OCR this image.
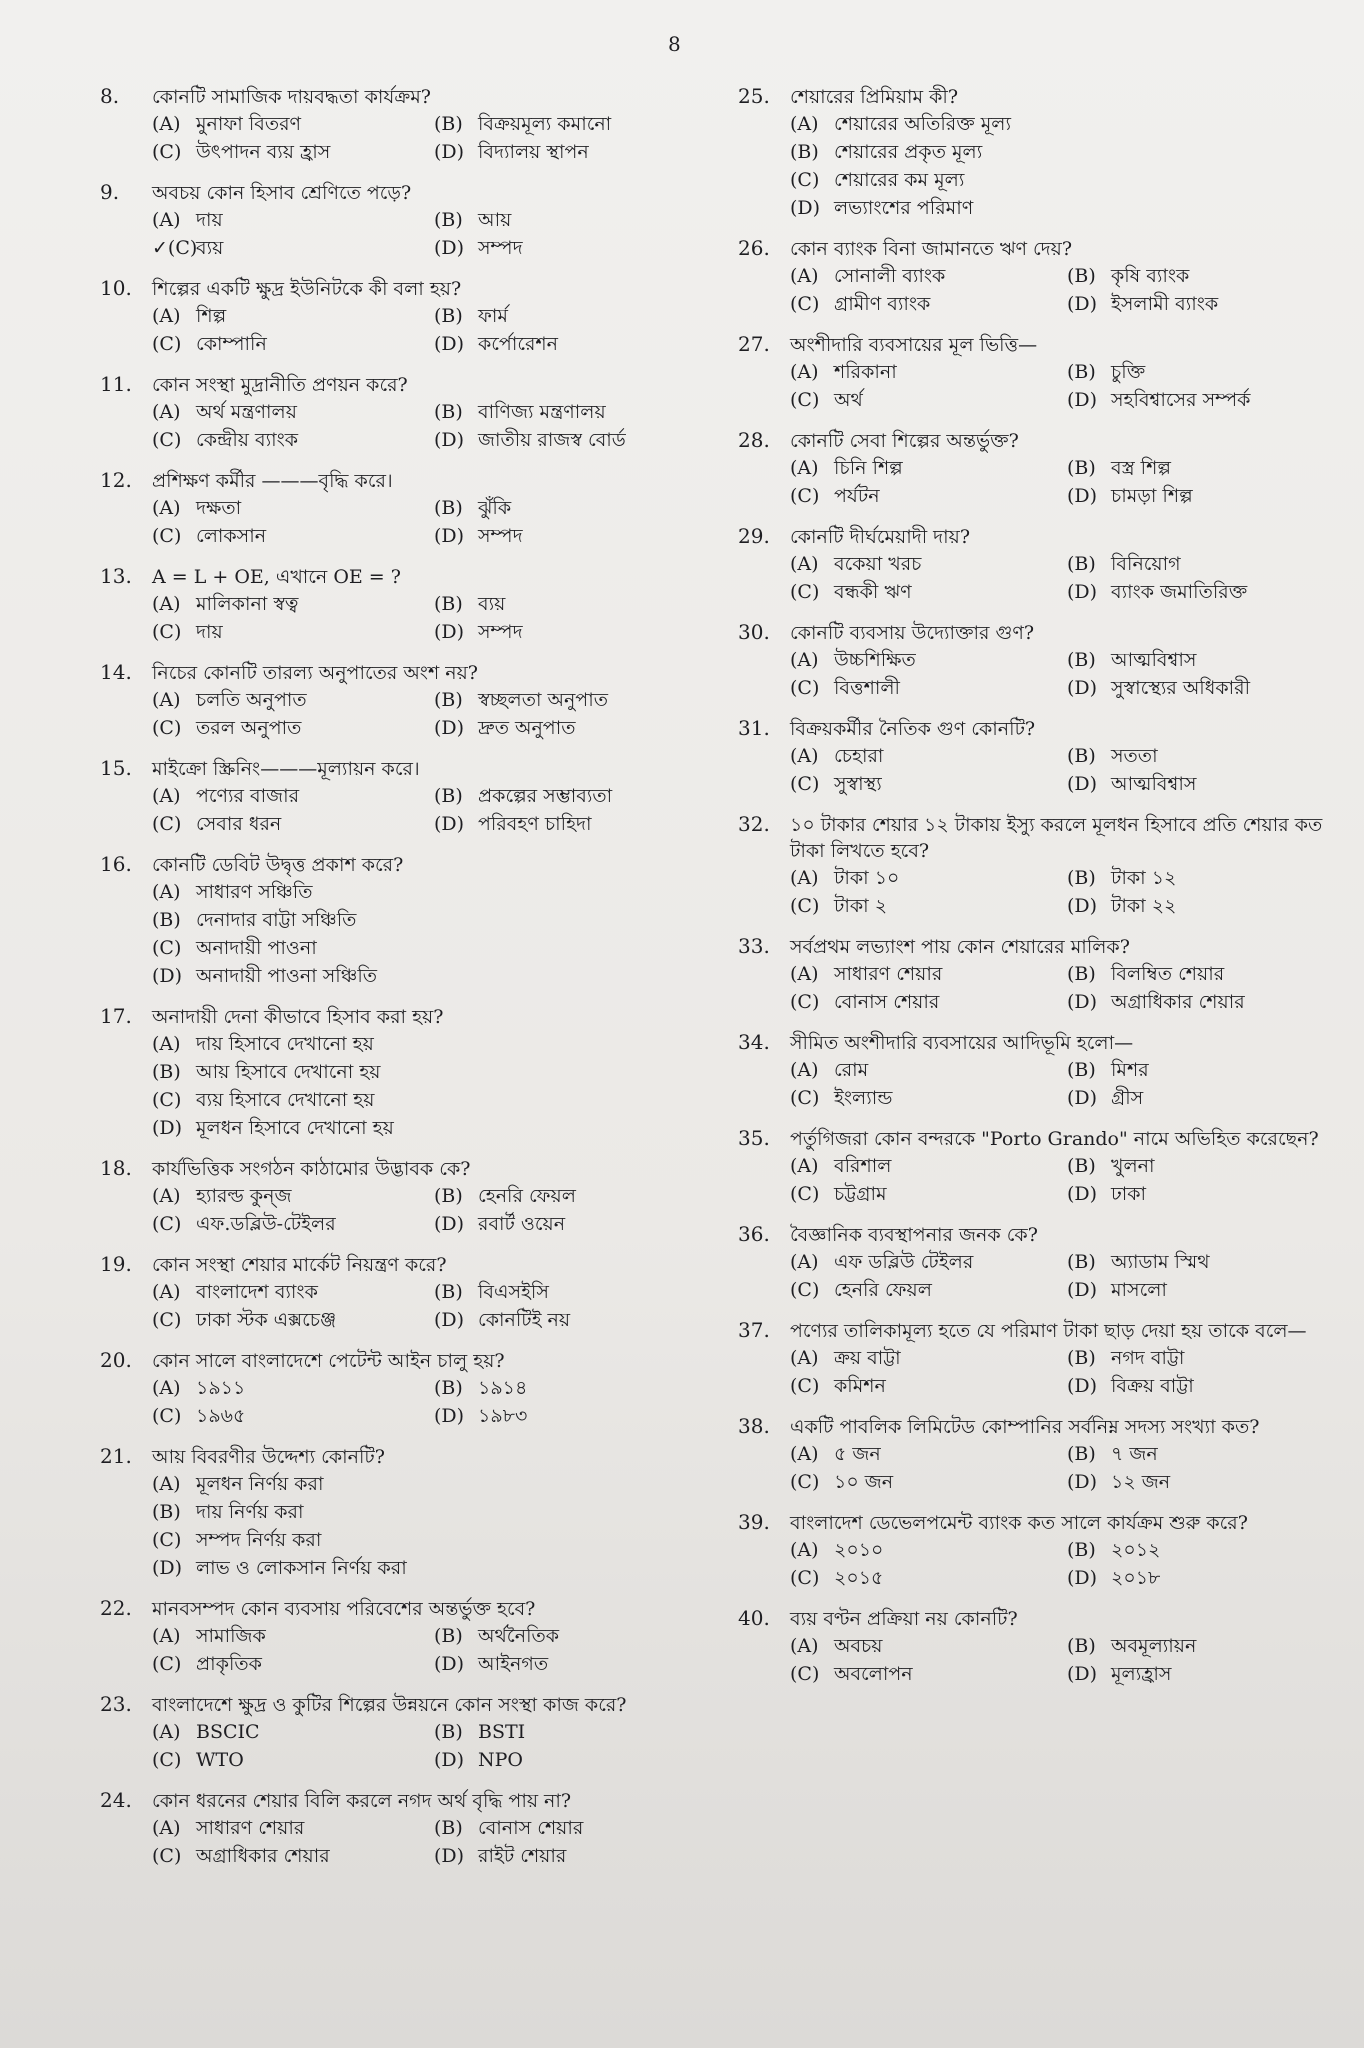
8
8. কোনটি সামাজিক দায়বদ্ধতা কার্যক্রম?
(A) মুনাফা বিতরণ	(B) বিক্রয়মূল্য কমানো
(C) উৎপাদন ব্যয় হ্রাস	(D) বিদ্যালয় স্থাপন
9. অবচয় কোন হিসাব শ্রেণিতে পড়ে?
(A) দায়	(B) আয়
✓(C)ব্যয়	(D) সম্পদ
10. শিল্পের একটি ক্ষুদ্র ইউনিটকে কী বলা হয়?
(A) শিল্প	(B) ফার্ম
(C) কোম্পানি	(D) কর্পোরেশন
11. কোন সংস্থা মুদ্রানীতি প্রণয়ন করে?
(A) অর্থ মন্ত্রণালয়	(B) বাণিজ্য মন্ত্রণালয়
(C) কেন্দ্রীয় ব্যাংক	(D) জাতীয় রাজস্ব বোর্ড
12. প্রশিক্ষণ কর্মীর ———বৃদ্ধি করে।
(A) দক্ষতা	(B) ঝুঁকি
(C) লোকসান	(D) সম্পদ
13. A = L + OE, এখানে OE = ?
(A) মালিকানা স্বত্ব	(B) ব্যয়
(C) দায়	(D) সম্পদ
14. নিচের কোনটি তারল্য অনুপাতের অংশ নয়?
(A) চলতি অনুপাত	(B) স্বচ্ছলতা অনুপাত
(C) তরল অনুপাত	(D) দ্রুত অনুপাত
15. মাইক্রো স্ক্রিনিং———মূল্যায়ন করে।
(A) পণ্যের বাজার	(B) প্রকল্পের সম্ভাব্যতা
(C) সেবার ধরন	(D) পরিবহণ চাহিদা
16. কোনটি ডেবিট উদ্বৃত্ত প্রকাশ করে?
(A) সাধারণ সঞ্চিতি
(B) দেনাদার বাট্টা সঞ্চিতি
(C) অনাদায়ী পাওনা
(D) অনাদায়ী পাওনা সঞ্চিতি
17. অনাদায়ী দেনা কীভাবে হিসাব করা হয়?
(A) দায় হিসাবে দেখানো হয়
(B) আয় হিসাবে দেখানো হয়
(C) ব্যয় হিসাবে দেখানো হয়
(D) মূলধন হিসাবে দেখানো হয়
18. কার্যভিত্তিক সংগঠন কাঠামোর উদ্ভাবক কে?
(A) হ্যারল্ড কুন্জ	(B) হেনরি ফেয়ল
(C) এফ.ডব্লিউ-টেইলর	(D) রবার্ট ওয়েন
19. কোন সংস্থা শেয়ার মার্কেট নিয়ন্ত্রণ করে?
(A) বাংলাদেশ ব্যাংক	(B) বিএসইসি
(C) ঢাকা স্টক এক্সচেঞ্জ	(D) কোনটিই নয়
20. কোন সালে বাংলাদেশে পেটেন্ট আইন চালু হয়?
(A) ১৯১১	(B) ১৯১৪
(C) ১৯৬৫	(D) ১৯৮৩
21. আয় বিবরণীর উদ্দেশ্য কোনটি?
(A) মূলধন নির্ণয় করা
(B) দায় নির্ণয় করা
(C) সম্পদ নির্ণয় করা
(D) লাভ ও লোকসান নির্ণয় করা
22. মানবসম্পদ কোন ব্যবসায় পরিবেশের অন্তর্ভুক্ত হবে?
(A) সামাজিক	(B) অর্থনৈতিক
(C) প্রাকৃতিক	(D) আইনগত
23. বাংলাদেশে ক্ষুদ্র ও কুটির শিল্পের উন্নয়নে কোন সংস্থা কাজ করে?
(A) BSCIC	(B) BSTI
(C) WTO	(D) NPO
24. কোন ধরনের শেয়ার বিলি করলে নগদ অর্থ বৃদ্ধি পায় না?
(A) সাধারণ শেয়ার	(B) বোনাস শেয়ার
(C) অগ্রাধিকার শেয়ার	(D) রাইট শেয়ার
25. শেয়ারের প্রিমিয়াম কী?
(A) শেয়ারের অতিরিক্ত মূল্য
(B) শেয়ারের প্রকৃত মূল্য
(C) শেয়ারের কম মূল্য
(D) লভ্যাংশের পরিমাণ
26. কোন ব্যাংক বিনা জামানতে ঋণ দেয়?
(A) সোনালী ব্যাংক	(B) কৃষি ব্যাংক
(C) গ্রামীণ ব্যাংক	(D) ইসলামী ব্যাংক
27. অংশীদারি ব্যবসায়ের মূল ভিত্তি—
(A) শরিকানা	(B) চুক্তি
(C) অর্থ	(D) সহবিশ্বাসের সম্পর্ক
28. কোনটি সেবা শিল্পের অন্তর্ভুক্ত?
(A) চিনি শিল্প	(B) বস্ত্র শিল্প
(C) পর্যটন	(D) চামড়া শিল্প
29. কোনটি দীর্ঘমেয়াদী দায়?
(A) বকেয়া খরচ	(B) বিনিয়োগ
(C) বন্ধকী ঋণ	(D) ব্যাংক জমাতিরিক্ত
30. কোনটি ব্যবসায় উদ্যোক্তার গুণ?
(A) উচ্চশিক্ষিত	(B) আত্মবিশ্বাস
(C) বিত্তশালী	(D) সুস্বাস্থ্যের অধিকারী
31. বিক্রয়কর্মীর নৈতিক গুণ কোনটি?
(A) চেহারা	(B) সততা
(C) সুস্বাস্থ্য	(D) আত্মবিশ্বাস
32. ১০ টাকার শেয়ার ১২ টাকায় ইস্যু করলে মূলধন হিসাবে প্রতি শেয়ার কত টাকা লিখতে হবে?
(A) টাকা ১০	(B) টাকা ১২
(C) টাকা ২	(D) টাকা ২২
33. সর্বপ্রথম লভ্যাংশ পায় কোন শেয়ারের মালিক?
(A) সাধারণ শেয়ার	(B) বিলম্বিত শেয়ার
(C) বোনাস শেয়ার	(D) অগ্রাধিকার শেয়ার
34. সীমিত অংশীদারি ব্যবসায়ের আদিভূমি হলো—
(A) রোম	(B) মিশর
(C) ইংল্যান্ড	(D) গ্রীস
35. পর্তুগিজরা কোন বন্দরকে "Porto Grando" নামে অভিহিত করেছেন?
(A) বরিশাল	(B) খুলনা
(C) চট্টগ্রাম	(D) ঢাকা
36. বৈজ্ঞানিক ব্যবস্থাপনার জনক কে?
(A) এফ ডব্লিউ টেইলর	(B) অ্যাডাম স্মিথ
(C) হেনরি ফেয়ল	(D) মাসলো
37. পণ্যের তালিকামূল্য হতে যে পরিমাণ টাকা ছাড় দেয়া হয় তাকে বলে—
(A) ক্রয় বাট্টা	(B) নগদ বাট্টা
(C) কমিশন	(D) বিক্রয় বাট্টা
38. একটি পাবলিক লিমিটেড কোম্পানির সর্বনিম্ন সদস্য সংখ্যা কত?
(A) ৫ জন	(B) ৭ জন
(C) ১০ জন	(D) ১২ জন
39. বাংলাদেশ ডেভেলপমেন্ট ব্যাংক কত সালে কার্যক্রম শুরু করে?
(A) ২০১০	(B) ২০১২
(C) ২০১৫	(D) ২০১৮
40. ব্যয় বণ্টন প্রক্রিয়া নয় কোনটি?
(A) অবচয়	(B) অবমূল্যায়ন
(C) অবলোপন	(D) মূল্যহ্রাস
